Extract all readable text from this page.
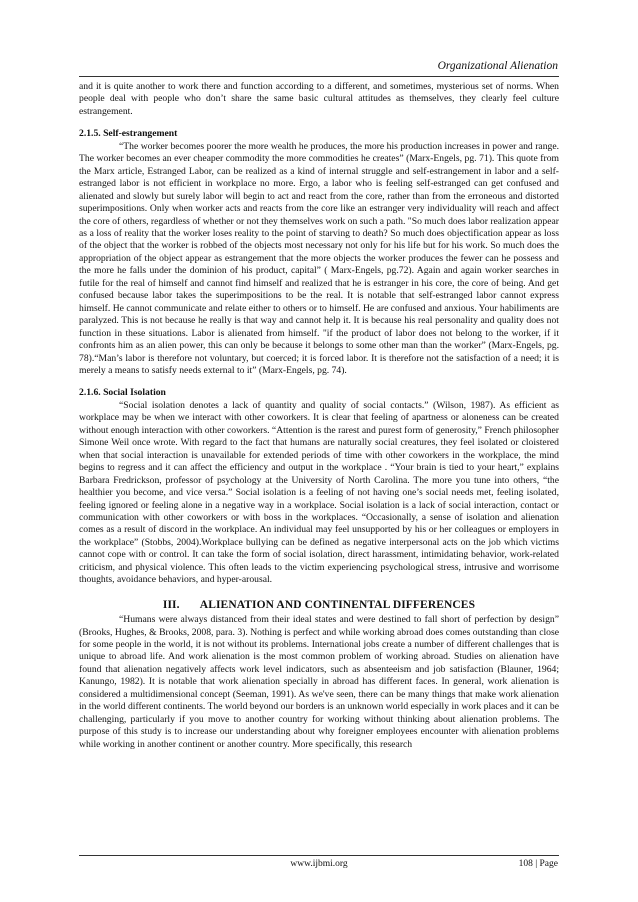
Organizational Alienation

and it is quite another to work there and function according to a different, and sometimes, mysterious set of norms. When people deal with people who don’t share the same basic cultural attitudes as themselves, they clearly feel culture estrangement.

2.1.5. Self-estrangement

“The worker becomes poorer the more wealth he produces, the more his production increases in power and range. The worker becomes an ever cheaper commodity the more commodities he creates” (Marx-Engels, pg. 71). This quote from the Marx article, Estranged Labor, can be realized as a kind of internal struggle and self-estrangement in labor and a self-estranged labor is not efficient in workplace no more. Ergo, a labor who is feeling self-estranged can get confused and alienated and slowly but surely labor will begin to act and react from the core, rather than from the erroneous and distorted superimpositions. Only when worker acts and reacts from the core like an estranger very individuality will reach and affect the core of others, regardless of whether or not they themselves work on such a path. "So much does labor realization appear as a loss of reality that the worker loses reality to the point of starving to death? So much does objectification appear as loss of the object that the worker is robbed of the objects most necessary not only for his life but for his work. So much does the appropriation of the object appear as estrangement that the more objects the worker produces the fewer can he possess and the more he falls under the dominion of his product, capital” ( Marx-Engels, pg.72). Again and again worker searches in futile for the real of himself and cannot find himself and realized that he is estranger in his core, the core of being. And get confused because labor takes the superimpositions to be the real. It is notable that self-estranged labor cannot express himself. He cannot communicate and relate either to others or to himself. He are confused and anxious. Your habiliments are paralyzed. This is not because he really is that way and cannot help it. It is because his real personality and quality does not function in these situations. Labor is alienated from himself. "if the product of labor does not belong to the worker, if it confronts him as an alien power, this can only be because it belongs to some other man than the worker” (Marx-Engels, pg. 78).“Man’s labor is therefore not voluntary, but coerced; it is forced labor. It is therefore not the satisfaction of a need; it is merely a means to satisfy needs external to it” (Marx-Engels, pg. 74).

2.1.6. Social Isolation

“Social isolation denotes a lack of quantity and quality of social contacts.” (Wilson, 1987). As efficient as workplace may be when we interact with other coworkers. It is clear that feeling of apartness or aloneness can be created without enough interaction with other coworkers. “Attention is the rarest and purest form of generosity,” French philosopher Simone Weil once wrote. With regard to the fact that humans are naturally social creatures, they feel isolated or cloistered when that social interaction is unavailable for extended periods of time with other coworkers in the workplace, the mind begins to regress and it can affect the efficiency and output in the workplace . “Your brain is tied to your heart,” explains Barbara Fredrickson, professor of psychology at the University of North Carolina. The more you tune into others, “the healthier you become, and vice versa.” Social isolation is a feeling of not having one’s social needs met, feeling isolated, feeling ignored or feeling alone in a negative way in a workplace. Social isolation is a lack of social interaction, contact or communication with other coworkers or with boss in the workplaces. “Occasionally, a sense of isolation and alienation comes as a result of discord in the workplace. An individual may feel unsupported by his or her colleagues or employers in the workplace” (Stobbs, 2004).Workplace bullying can be defined as negative interpersonal acts on the job which victims cannot cope with or control. It can take the form of social isolation, direct harassment, intimidating behavior, work-related criticism, and physical violence. This often leads to the victim experiencing psychological stress, intrusive and worrisome thoughts, avoidance behaviors, and hyper-arousal.

III.       ALIENATION AND CONTINENTAL DIFFERENCES

“Humans were always distanced from their ideal states and were destined to fall short of perfection by design” (Brooks, Hughes, & Brooks, 2008, para. 3). Nothing is perfect and while working abroad does comes outstanding than close for some people in the world, it is not without its problems. International jobs create a number of different challenges that is unique to abroad life. And work alienation is the most common problem of working abroad. Studies on alienation have found that alienation negatively affects work level indicators, such as absenteeism and job satisfaction (Blauner, 1964; Kanungo, 1982). It is notable that work alienation specially in abroad has different faces. In general, work alienation is considered a multidimensional concept (Seeman, 1991). As we've seen, there can be many things that make work alienation in the world different continents. The world beyond our borders is an unknown world especially in work places and it can be challenging, particularly if you move to another country for working without thinking about alienation problems. The purpose of this study is to increase our understanding about why foreigner employees encounter with alienation problems while working in another continent or another country. More specifically, this research

www.ijbmi.org	108 | Page
